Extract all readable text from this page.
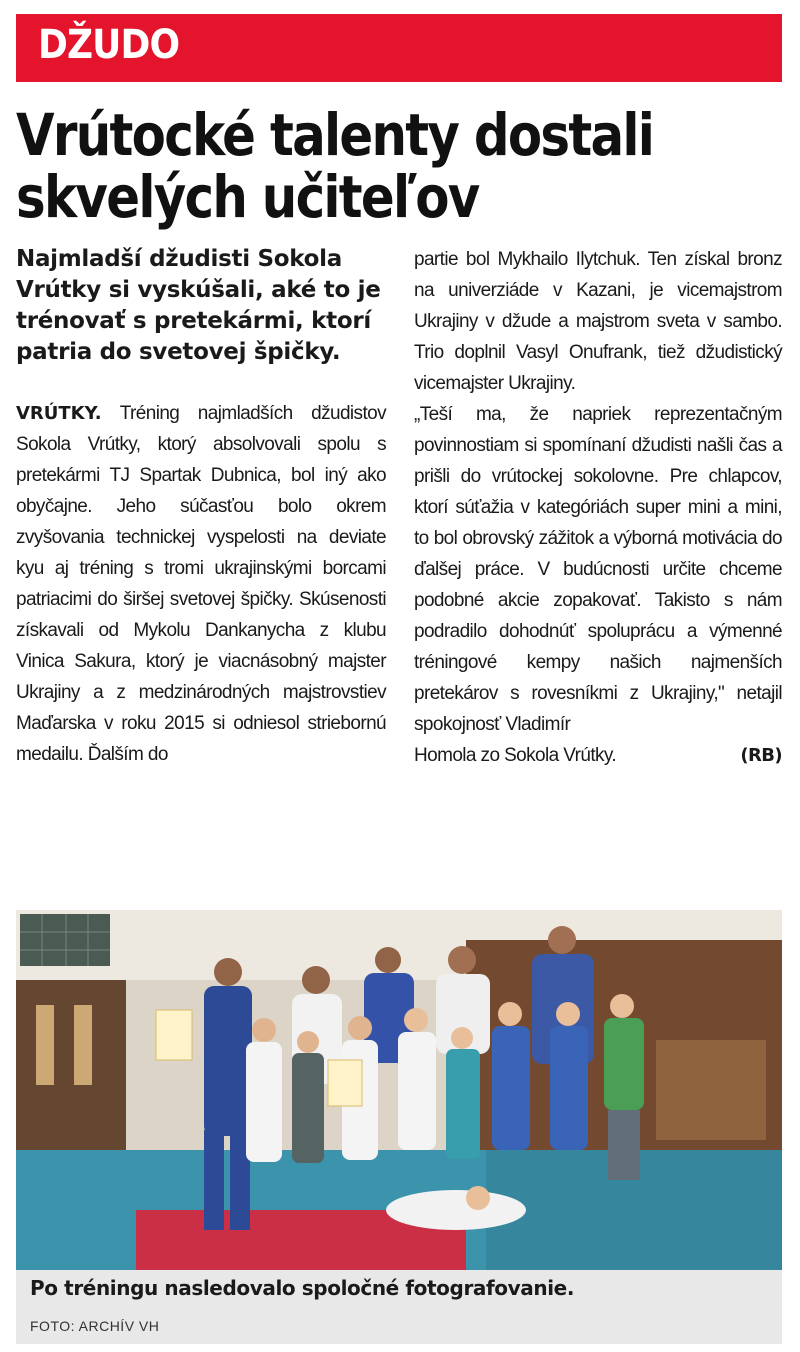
DŽUDO
Vrútocké talenty dostali
skvelých učiteľov

Najmladší džudisti Sokola Vrútky si vyskúšali, aké to je trénovať s pretekármi, ktorí patria do svetovej špičky.

VRÚTKY. Tréning najmladších džudistov Sokola Vrútky, ktorý absolvovali spolu s pretekármi TJ Spartak Dubnica, bol iný ako obyčajne. Jeho súčasťou bolo okrem zvyšovania technickej vyspelosti na deviate kyu aj tréning s tromi ukrajinskými borcami patriacimi do širšej svetovej špičky. Skúsenosti získavali od Mykolu Dankanycha z klubu Vinica Sakura, ktorý je viacnásobný majster Ukrajiny a z medzinárodných majstrovstiev Maďarska v roku 2015 si odniesol striebornú medailu. Ďalším do

partie bol Mykhailo Ilytchuk. Ten získal bronz na univerziáde v Kazani, je vicemajstrom Ukrajiny v džude a majstrom sveta v sambo. Trio doplnil Vasyl Onufrank, tiež džudistický vicemajster Ukrajiny.

„Teší ma, že napriek reprezentačným povinnostiam si spomínaní džudisti našli čas a prišli do vrútockej sokolovne. Pre chlapcov, ktorí súťažia v kategóriách super mini a mini, to bol obrovský zážitok a výborná motivácia do ďalšej práce. V budúcnosti určite chceme podobné akcie zopakovať. Takisto s nám podradilo dohodnúť spoluprácu a výmenné tréningové kempy našich najmenších pretekárov s rovesníkmi z Ukrajiny," netajil spokojnosť Vladimír

Homola zo Sokola Vrútky.	(RB)
Po tréningu nasledovalo spoločné fotografovanie.
FOTO: ARCHÍV VH
